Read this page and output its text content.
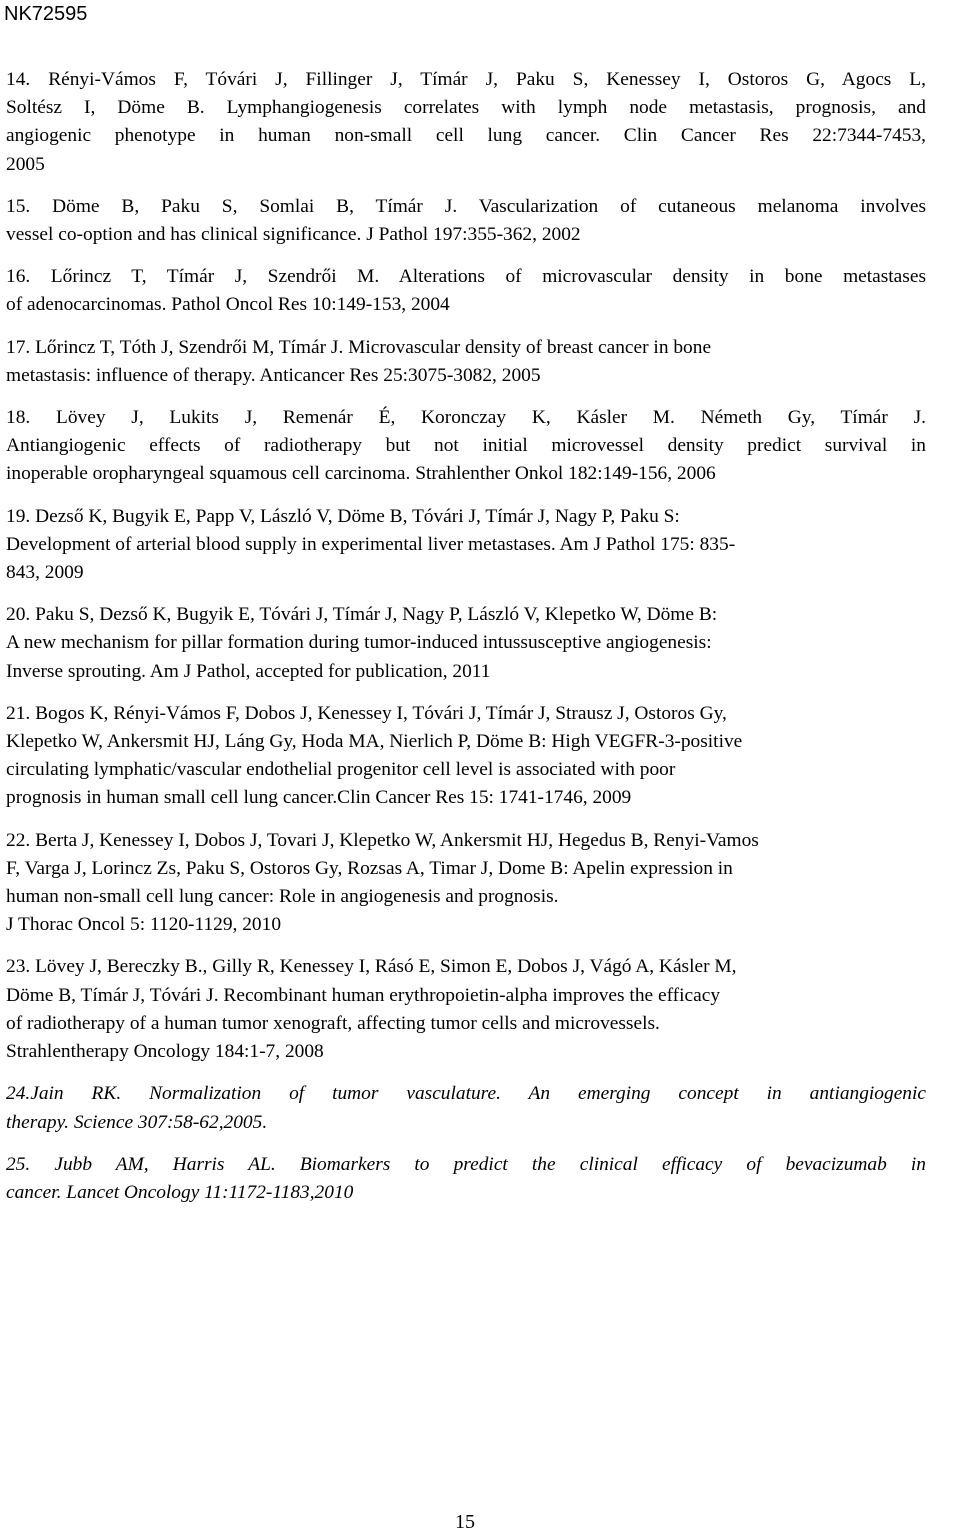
NK72595
14. Rényi-Vámos F, Tóvári J, Fillinger J, Tímár J, Paku S, Kenessey I, Ostoros G, Agocs L,
Soltész I, Döme B. Lymphangiogenesis correlates with lymph node metastasis, prognosis, and
angiogenic phenotype in human non-small cell lung cancer. Clin Cancer Res 22:7344-7453,
2005
15. Döme B, Paku S, Somlai B, Tímár J. Vascularization of cutaneous melanoma involves
vessel co-option and has clinical significance. J Pathol 197:355-362, 2002
16. Lőrincz T, Tímár J, Szendrői M. Alterations of microvascular density in bone metastases
of adenocarcinomas. Pathol Oncol Res 10:149-153, 2004
17. Lőrincz T, Tóth J, Szendrői M, Tímár J. Microvascular density of breast cancer in bone
metastasis: influence of therapy. Anticancer Res 25:3075-3082, 2005
18. Lövey J, Lukits J, Remenár É, Koronczay K, Kásler M. Németh Gy, Tímár J.
Antiangiogenic effects of radiotherapy but not initial microvessel density predict survival in
inoperable oropharyngeal squamous cell carcinoma. Strahlenther Onkol 182:149-156, 2006
19. Dezső K, Bugyik E, Papp V, László V, Döme B, Tóvári J, Tímár J, Nagy P, Paku S:
Development of arterial blood supply in experimental liver metastases. Am J Pathol 175: 835-
843, 2009
20. Paku S, Dezső K, Bugyik E, Tóvári J, Tímár J, Nagy P, László V, Klepetko W, Döme B:
A new mechanism for pillar formation during tumor-induced intussusceptive angiogenesis:
Inverse sprouting. Am J Pathol, accepted for publication, 2011
21. Bogos K, Rényi-Vámos F, Dobos J, Kenessey I, Tóvári J, Tímár J, Strausz J, Ostoros Gy,
Klepetko W, Ankersmit HJ, Láng Gy, Hoda MA, Nierlich P, Döme B: High VEGFR-3-positive
circulating lymphatic/vascular endothelial progenitor cell level is associated with poor
prognosis in human small cell lung cancer.Clin Cancer Res 15: 1741-1746, 2009
22. Berta J, Kenessey I, Dobos J, Tovari J, Klepetko W, Ankersmit HJ, Hegedus B, Renyi-Vamos
F, Varga J, Lorincz Zs, Paku S, Ostoros Gy, Rozsas A, Timar J, Dome B: Apelin expression in
human non-small cell lung cancer: Role in angiogenesis and prognosis.
J Thorac Oncol 5: 1120-1129, 2010
23. Lövey J, Bereczky B., Gilly R, Kenessey I, Rásó E, Simon E, Dobos J, Vágó A, Kásler M,
Döme B, Tímár J, Tóvári J. Recombinant human erythropoietin-alpha improves the efficacy
of radiotherapy of a human tumor xenograft, affecting tumor cells and microvessels.
Strahlentherapy Oncology 184:1-7, 2008
24.Jain RK. Normalization of tumor vasculature. An emerging concept in antiangiogenic
therapy. Science 307:58-62,2005.
25. Jubb AM, Harris AL. Biomarkers to predict the clinical efficacy of bevacizumab in
cancer. Lancet Oncology 11:1172-1183,2010
15
